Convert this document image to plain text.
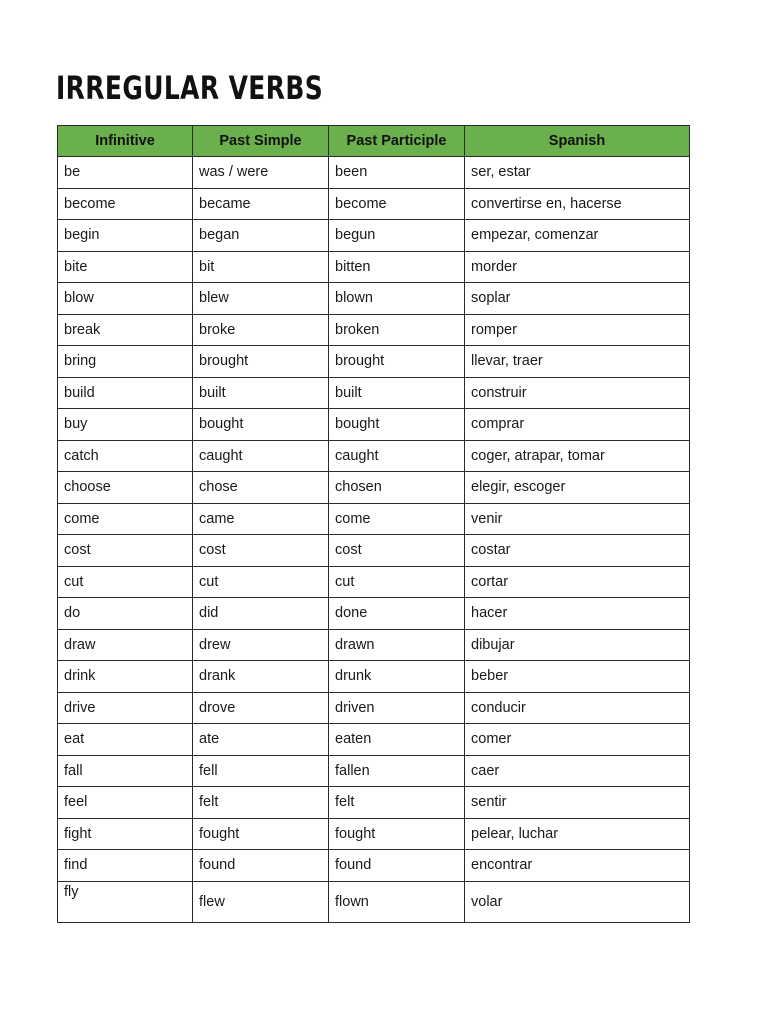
IRREGULAR VERBS
Infinitive	Past Simple	Past Participle	Spanish
be	was / were	been	ser, estar
become	became	become	convertirse en, hacerse
begin	began	begun	empezar, comenzar
bite	bit	bitten	morder
blow	blew	blown	soplar
break	broke	broken	romper
bring	brought	brought	llevar, traer
build	built	built	construir
buy	bought	bought	comprar
catch	caught	caught	coger, atrapar, tomar
choose	chose	chosen	elegir, escoger
come	came	come	venir
cost	cost	cost	costar
cut	cut	cut	cortar
do	did	done	hacer
draw	drew	drawn	dibujar
drink	drank	drunk	beber
drive	drove	driven	conducir
eat	ate	eaten	comer
fall	fell	fallen	caer
feel	felt	felt	sentir
fight	fought	fought	pelear, luchar
find	found	found	encontrar
fly	flew	flown	volar
